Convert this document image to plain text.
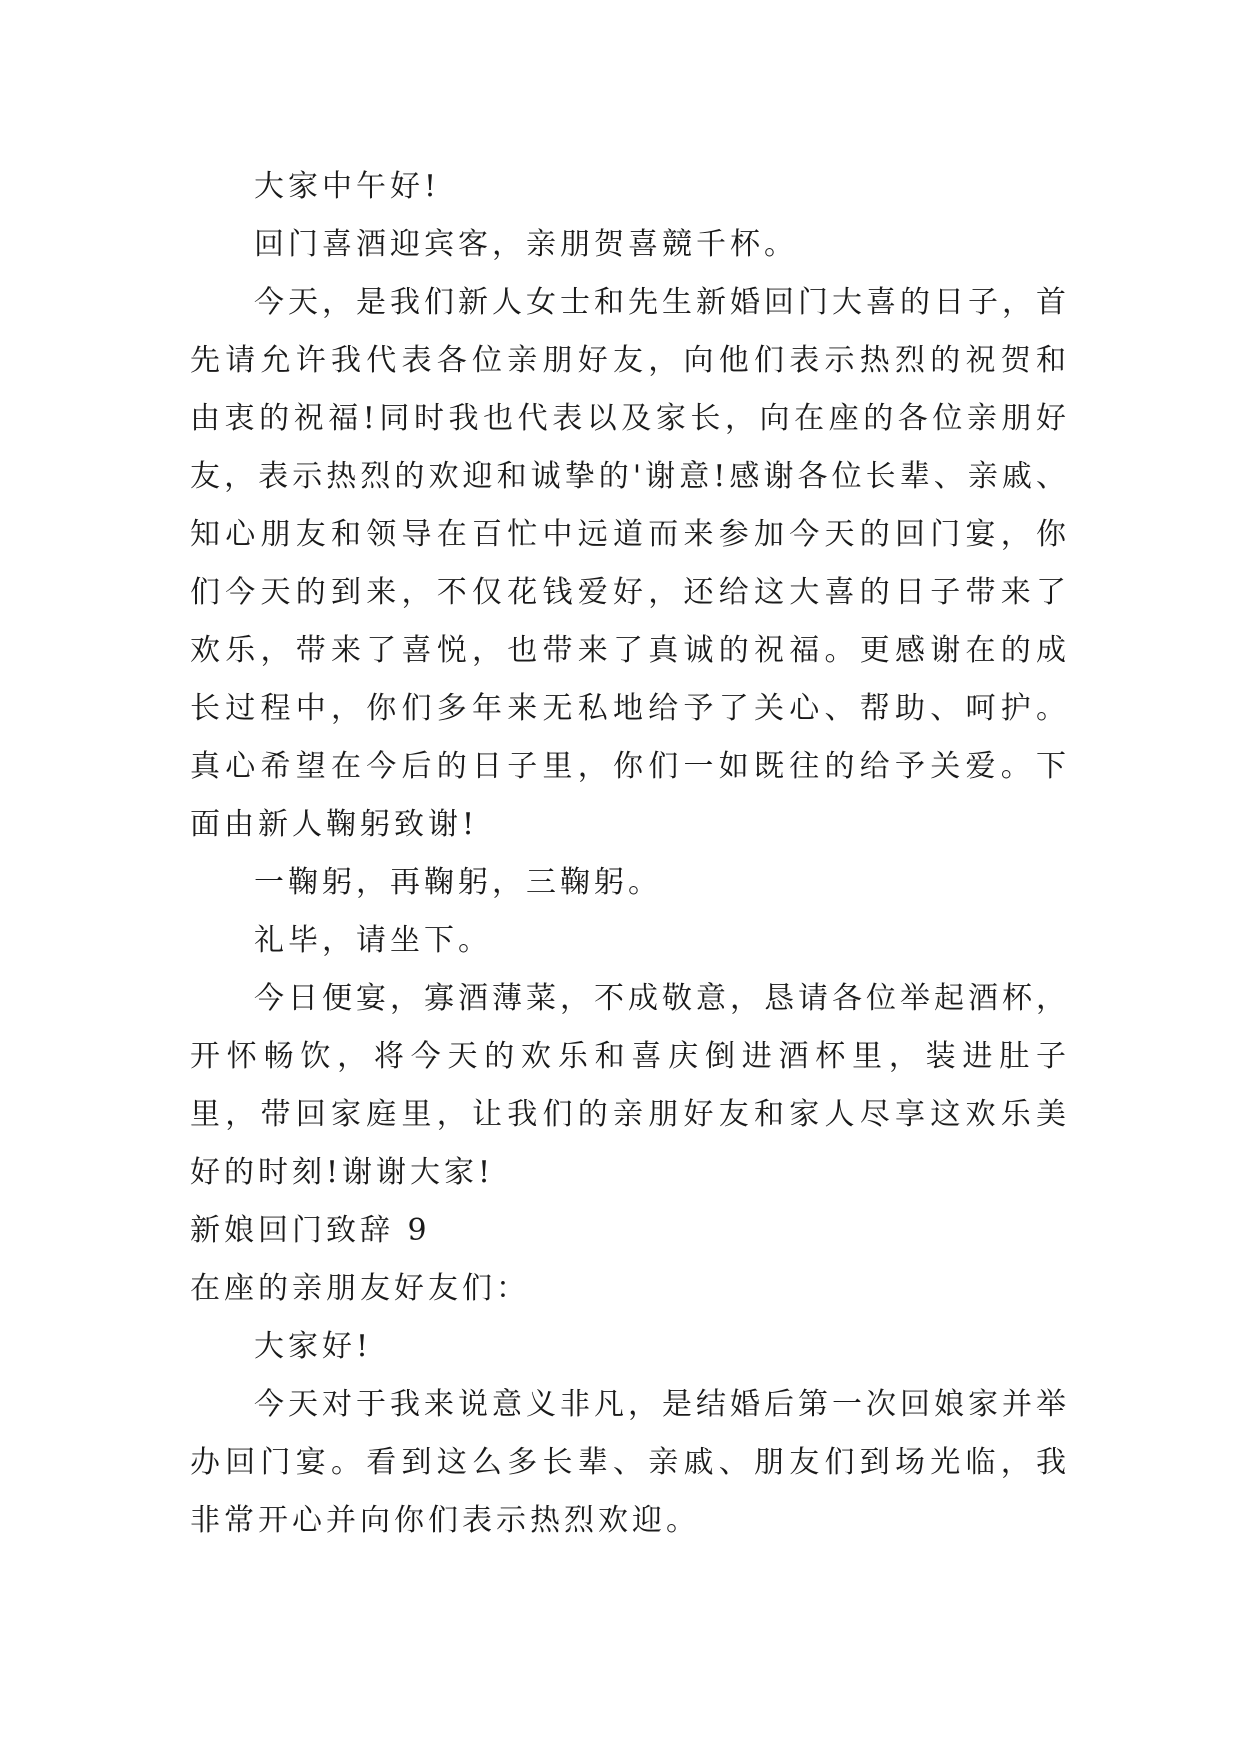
大家中午好!

回门喜酒迎宾客，亲朋贺喜競千杯。

今天，是我们新人女士和先生新婚回门大喜的日子，首先请允许我代表各位亲朋好友，向他们表示热烈的祝贺和由衷的祝福!同时我也代表以及家长，向在座的各位亲朋好友，表示热烈的欢迎和诚挚的'谢意!感谢各位长辈、亲戚、知心朋友和领导在百忙中远道而来参加今天的回门宴，你们今天的到来，不仅花钱爱好，还给这大喜的日子带来了欢乐，带来了喜悦，也带来了真诚的祝福。更感谢在的成长过程中，你们多年来无私地给予了关心、帮助、呵护。真心希望在今后的日子里，你们一如既往的给予关爱。下面由新人鞠躬致谢!

一鞠躬，再鞠躬，三鞠躬。

礼毕，请坐下。

今日便宴，寡酒薄菜，不成敬意，恳请各位举起酒杯，开怀畅饮，将今天的欢乐和喜庆倒进酒杯里，装进肚子里，带回家庭里，让我们的亲朋好友和家人尽享这欢乐美好的时刻!谢谢大家!

新娘回门致辞 9

在座的亲朋友好友们：

大家好!

今天对于我来说意义非凡，是结婚后第一次回娘家并举办回门宴。看到这么多长辈、亲戚、朋友们到场光临，我非常开心并向你们表示热烈欢迎。
